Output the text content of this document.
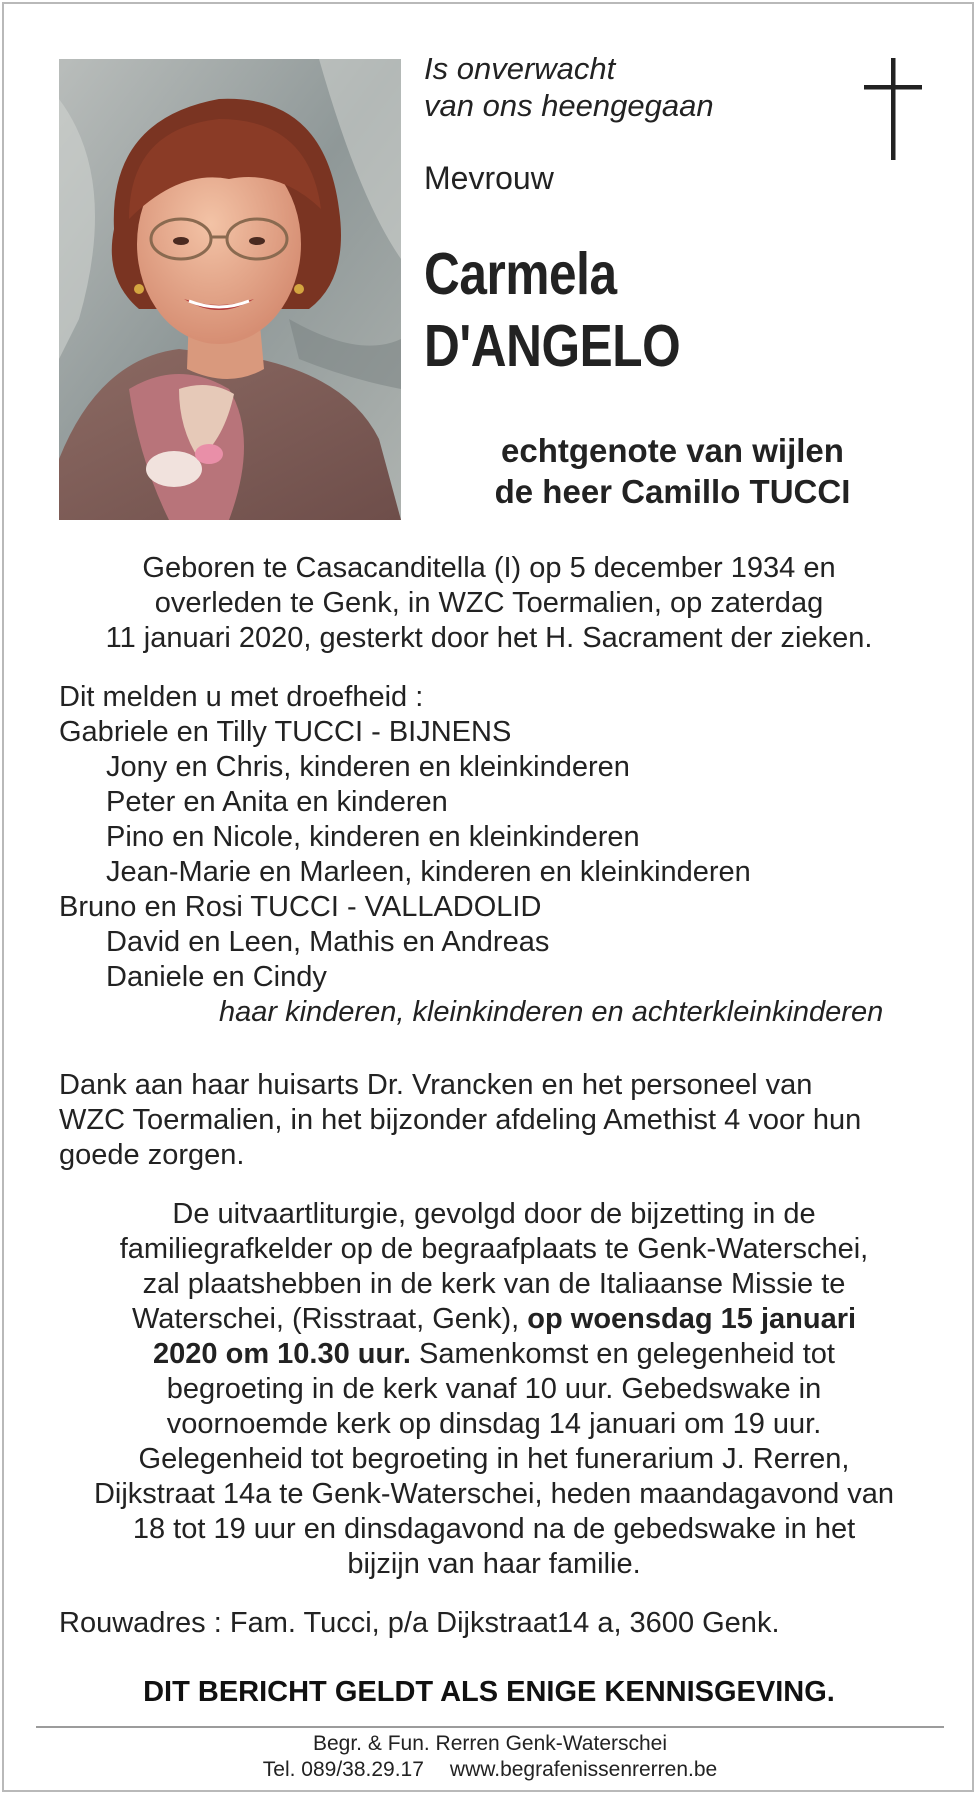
Is onverwacht
van ons heengegaan
Mevrouw
Carmela
D'ANGELO
echtgenote van wijlen
de heer Camillo TUCCI
Geboren te Casacanditella (I) op 5 december 1934 en
overleden te Genk, in WZC Toermalien, op zaterdag
11 januari 2020, gesterkt door het H. Sacrament der zieken.
Dit melden u met droefheid :
Gabriele en Tilly TUCCI - BIJNENS
Jony en Chris, kinderen en kleinkinderen
Peter en Anita en kinderen
Pino en Nicole, kinderen en kleinkinderen
Jean-Marie en Marleen, kinderen en kleinkinderen
Bruno en Rosi TUCCI - VALLADOLID
David en Leen, Mathis en Andreas
Daniele en Cindy
haar kinderen, kleinkinderen en achterkleinkinderen
Dank aan haar huisarts Dr. Vrancken en het personeel van
WZC Toermalien, in het bijzonder afdeling Amethist 4 voor hun
goede zorgen.
De uitvaartliturgie, gevolgd door de bijzetting in de
familiegrafkelder op de begraafplaats te Genk-Waterschei,
zal plaatshebben in de kerk van de Italiaanse Missie te
Waterschei, (Risstraat, Genk), op woensdag 15 januari
2020 om 10.30 uur. Samenkomst en gelegenheid tot
begroeting in de kerk vanaf 10 uur. Gebedswake in
voornoemde kerk op dinsdag 14 januari om 19 uur.
Gelegenheid tot begroeting in het funerarium J. Rerren,
Dijkstraat 14a te Genk-Waterschei, heden maandagavond van
18 tot 19 uur en dinsdagavond na de gebedswake in het
bijzijn van haar familie.
Rouwadres : Fam. Tucci, p/a Dijkstraat14 a, 3600 Genk.
DIT BERICHT GELDT ALS ENIGE KENNISGEVING.
Begr. & Fun. Rerren Genk-Waterschei
Tel. 089/38.29.17 www.begrafenissenrerren.be
